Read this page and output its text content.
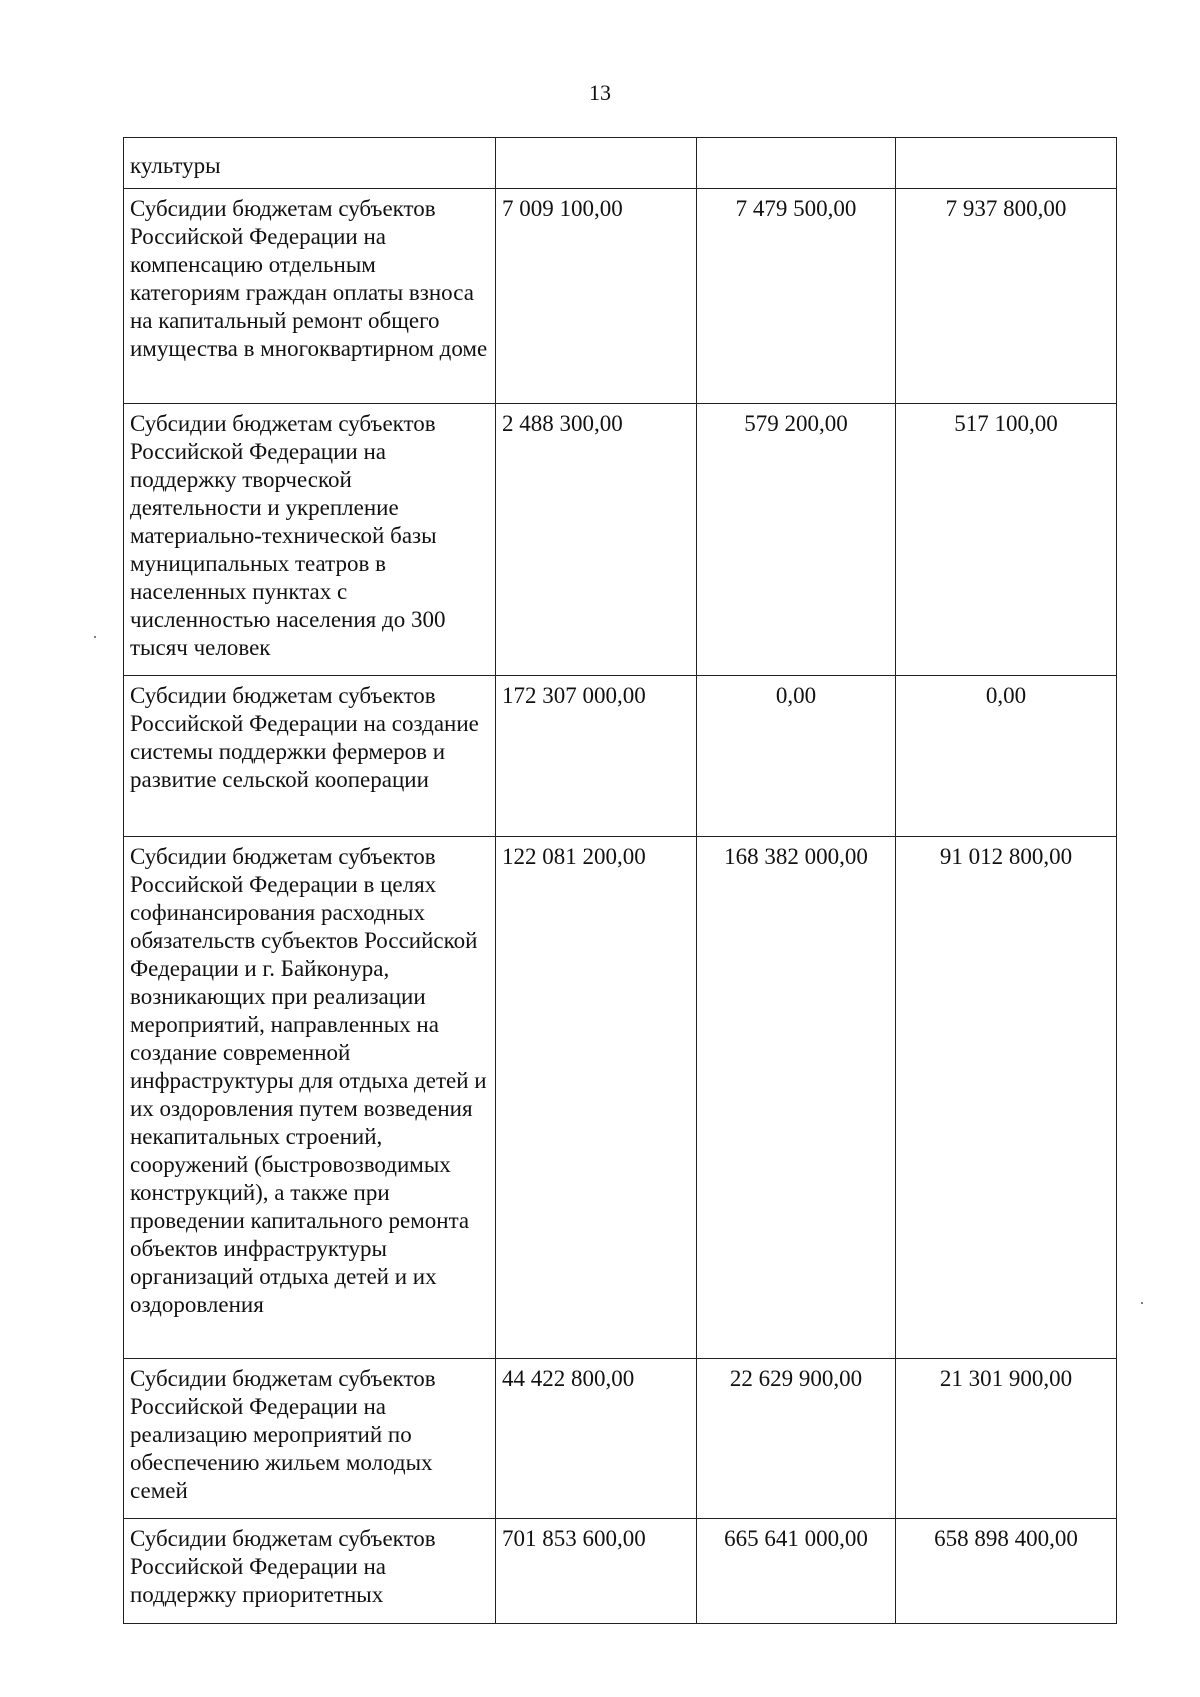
13
культуры			

Субсидии бюджетам субъектов Российской Федерации на компенсацию отдельным категориям граждан оплаты взноса на капитальный ремонт общего имущества в многоквартирном доме	7 009 100,00	7 479 500,00	7 937 800,00

Субсидии бюджетам субъектов Российской Федерации на поддержку творческой деятельности и укрепление материально-технической базы муниципальных театров в населенных пунктах с численностью населения до 300 тысяч человек	2 488 300,00	579 200,00	517 100,00

Субсидии бюджетам субъектов Российской Федерации на создание системы поддержки фермеров и развитие сельской кооперации	172 307 000,00	0,00	0,00

Субсидии бюджетам субъектов Российской Федерации в целях софинансирования расходных обязательств субъектов Российской Федерации и г. Байконура, возникающих при реализации мероприятий, направленных на создание современной инфраструктуры для отдыха детей и их оздоровления путем возведения некапитальных строений, сооружений (быстровозводимых конструкций), а также при проведении капитального ремонта объектов инфраструктуры организаций отдыха детей и их оздоровления	122 081 200,00	168 382 000,00	91 012 800,00

Субсидии бюджетам субъектов Российской Федерации на реализацию мероприятий по обеспечению жильем молодых семей	44 422 800,00	22 629 900,00	21 301 900,00

Субсидии бюджетам субъектов Российской Федерации на поддержку приоритетных	701 853 600,00	665 641 000,00	658 898 400,00
